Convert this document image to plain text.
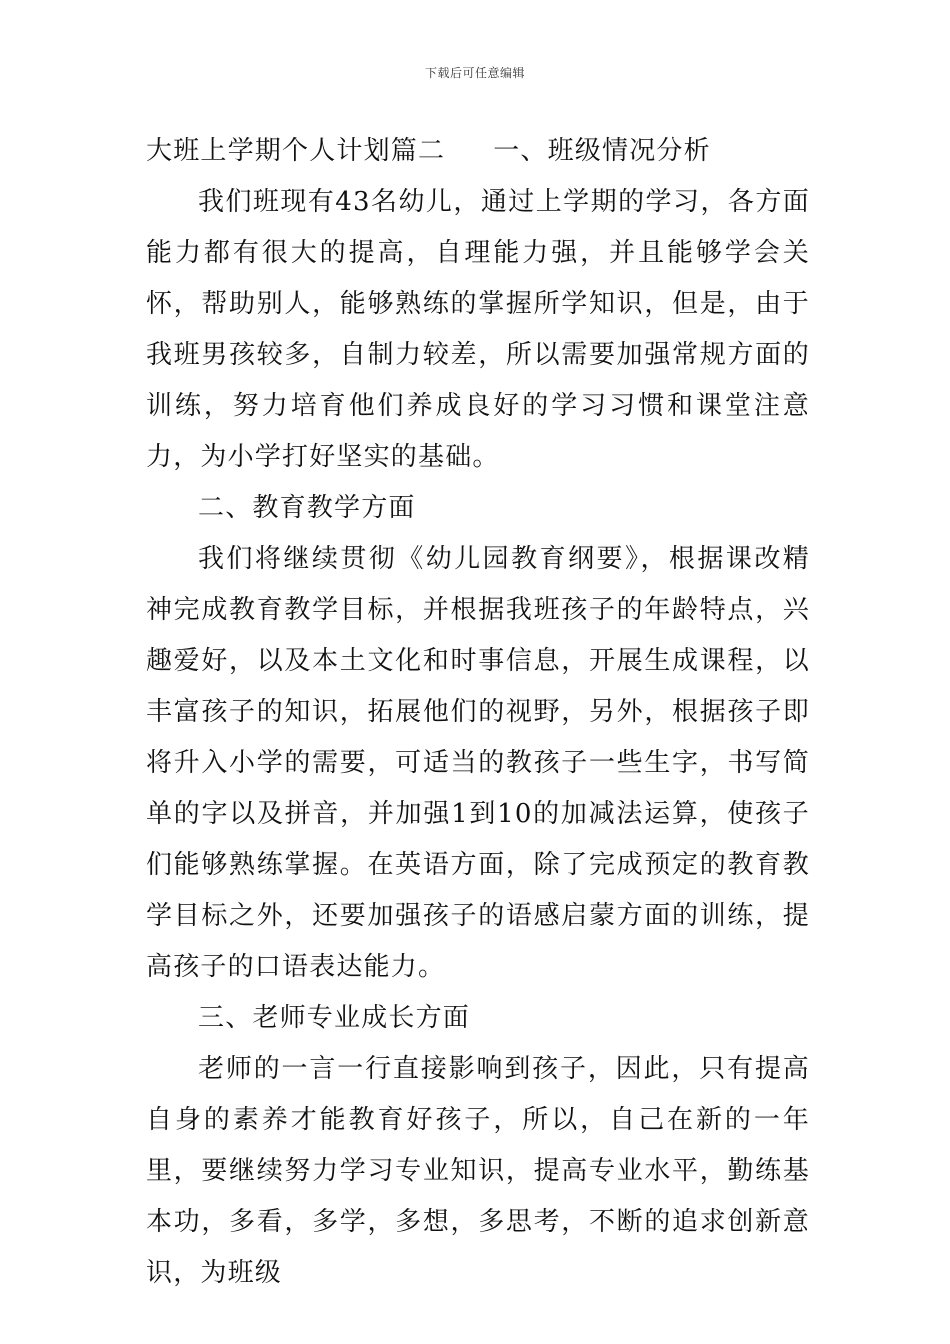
下载后可任意编辑

大班上学期个人计划篇二 一、班级情况分析

我们班现有43名幼儿，通过上学期的学习，各方面能力都有很大的提高，自理能力强，并且能够学会关怀，帮助别人，能够熟练的掌握所学知识，但是，由于我班男孩较多，自制力较差，所以需要加强常规方面的训练，努力培育他们养成良好的学习习惯和课堂注意力，为小学打好坚实的基础。

二、教育教学方面

我们将继续贯彻《幼儿园教育纲要》，根据课改精神完成教育教学目标，并根据我班孩子的年龄特点，兴趣爱好，以及本土文化和时事信息，开展生成课程，以丰富孩子的知识，拓展他们的视野，另外，根据孩子即将升入小学的需要，可适当的教孩子一些生字，书写简单的字以及拼音，并加强1到10的加减法运算，使孩子们能够熟练掌握。在英语方面，除了完成预定的教育教学目标之外，还要加强孩子的语感启蒙方面的训练，提高孩子的口语表达能力。

三、老师专业成长方面

老师的一言一行直接影响到孩子，因此，只有提高自身的素养才能教育好孩子，所以，自己在新的一年里，要继续努力学习专业知识，提高专业水平，勤练基本功，多看，多学，多想，多思考，不断的追求创新意识，为班级
